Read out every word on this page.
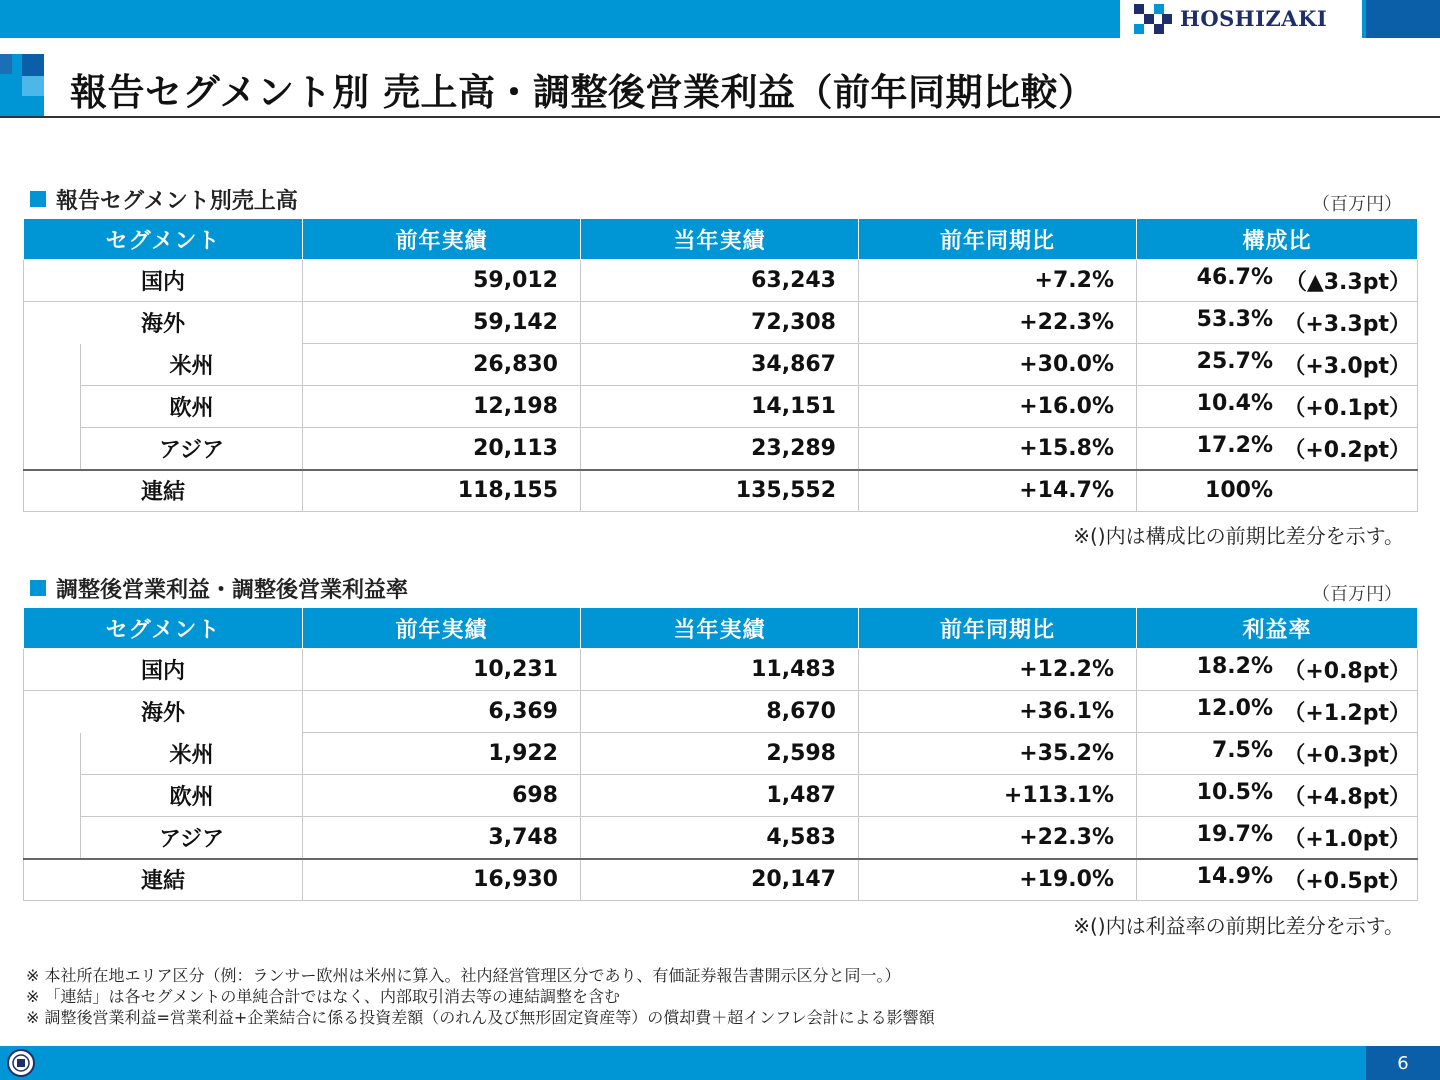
HOSHIZAKI
報告セグメント別 売上高・調整後営業利益（前年同期比較）
報告セグメント別売上高	（百万円）
セグメント		前年実績	当年実績	前年同期比	構成比
国内		59,012	63,243	+7.2%	46.7% （▲3.3pt）

海外		59,142	72,308	+22.3%	53.3% （+3.3pt）

	米州	26,830	34,867	+30.0%	25.7% （+3.0pt）

	欧州	12,198	14,151	+16.0%	10.4% （+0.1pt）

	アジア	20,113	23,289	+15.8%	17.2% （+0.2pt）

連結		118,155	135,552	+14.7%	100%
※()内は構成比の前期比差分を示す。
調整後営業利益・調整後営業利益率	（百万円）
セグメント		前年実績	当年実績	前年同期比	利益率
国内		10,231	11,483	+12.2%	18.2% （+0.8pt）

海外		6,369	8,670	+36.1%	12.0% （+1.2pt）

	米州	1,922	2,598	+35.2%	7.5% （+0.3pt）

	欧州	698	1,487	+113.1%	10.5% （+4.8pt）

	アジア	3,748	4,583	+22.3%	19.7% （+1.0pt）

連結		16,930	20,147	+19.0%	14.9% （+0.5pt）
※()内は利益率の前期比差分を示す。
※ 本社所在地エリア区分（例：ランサー欧州は米州に算入。社内経営管理区分であり、有価証券報告書開示区分と同一。）
※ 「連結」は各セグメントの単純合計ではなく、内部取引消去等の連結調整を含む
※ 調整後営業利益=営業利益+企業結合に係る投資差額（のれん及び無形固定資産等）の償却費＋超インフレ会計による影響額
6
